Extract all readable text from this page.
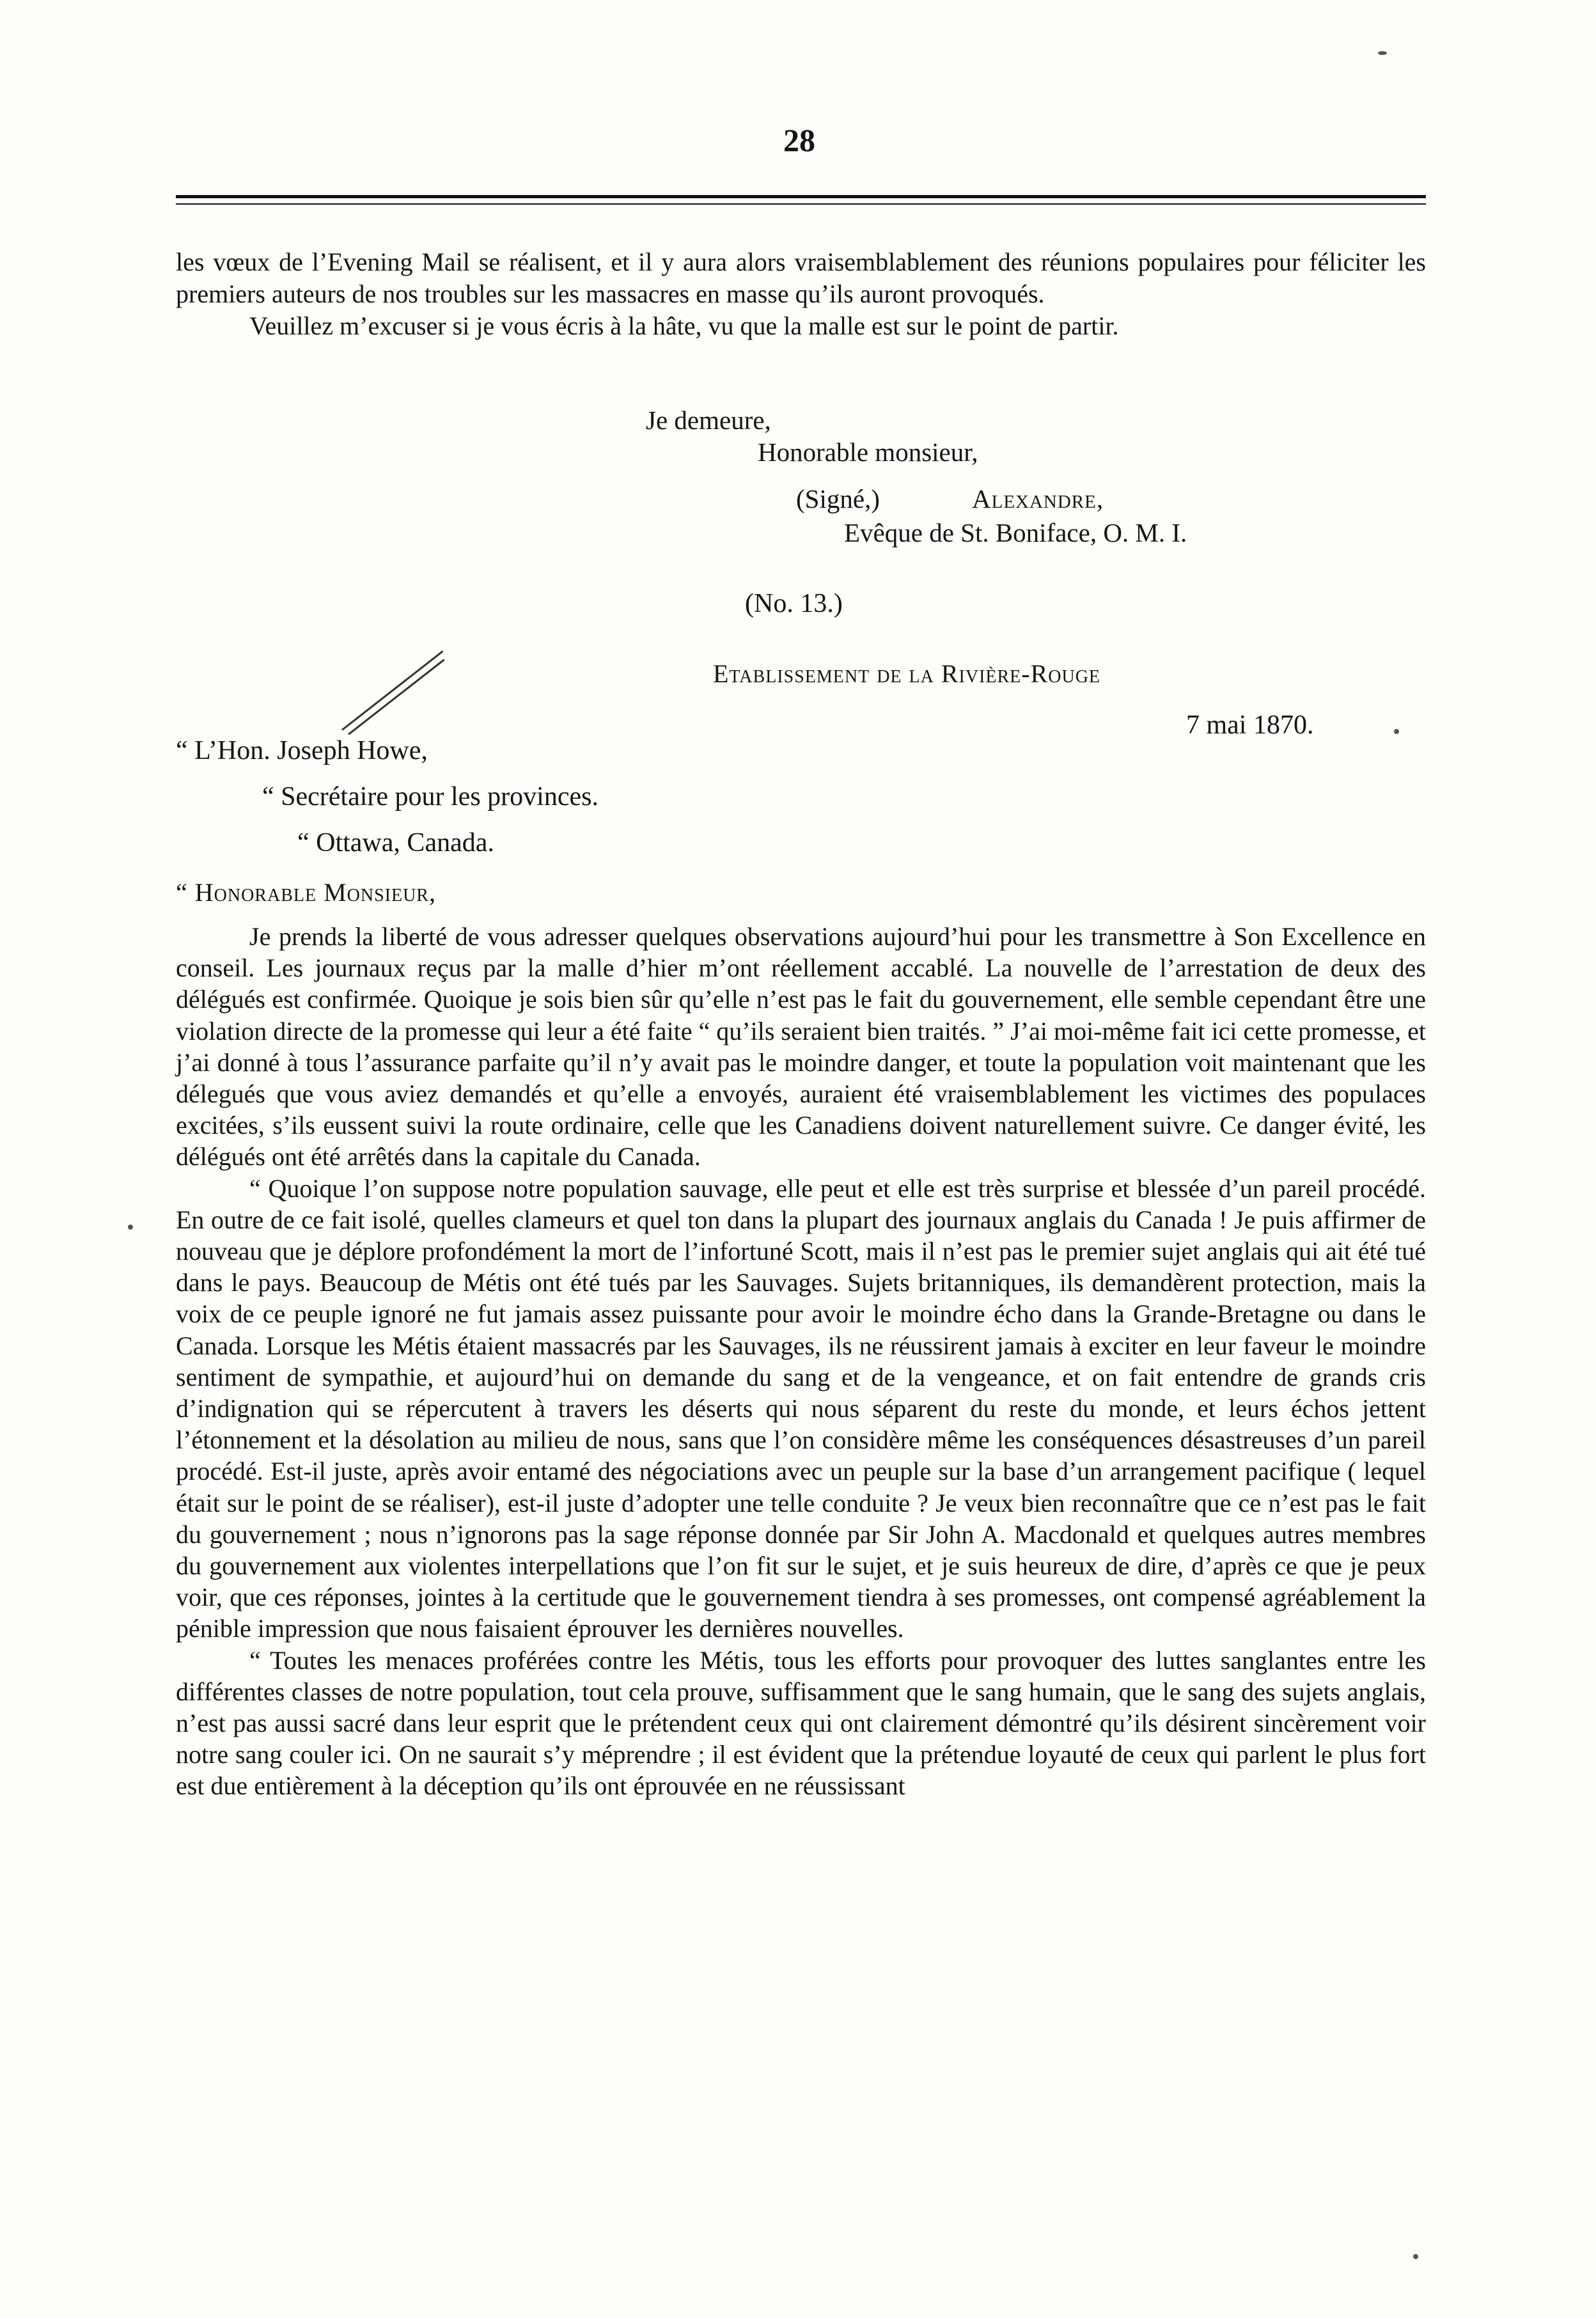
28

les vœux de l’Evening Mail se réalisent, et il y aura alors vraisemblablement des réunions populaires pour féliciter les premiers auteurs de nos troubles sur les massacres en masse qu’ils auront provoqués.

Veuillez m’excuser si je vous écris à la hâte, vu que la malle est sur le point de partir.

Je demeure,
Honorable monsieur,
(Signé,)	Alexandre,
Evêque de St. Boniface, O. M. I.
(No. 13.)
Etablissement de la Rivière-Rouge
7 mai 1870.
“ L’Hon. Joseph Howe,
“ Secrétaire pour les provinces.
“ Ottawa, Canada.
“ Honorable Monsieur,

Je prends la liberté de vous adresser quelques observations aujourd’hui pour les transmettre à Son Excellence en conseil. Les journaux reçus par la malle d’hier m’ont réellement accablé. La nouvelle de l’arrestation de deux des délégués est confirmée. Quoique je sois bien sûr qu’elle n’est pas le fait du gouvernement, elle semble cependant être une violation directe de la promesse qui leur a été faite “ qu’ils seraient bien traités. ” J’ai moi-même fait ici cette promesse, et j’ai donné à tous l’assurance parfaite qu’il n’y avait pas le moindre danger, et toute la population voit maintenant que les délegués que vous aviez demandés et qu’elle a envoyés, auraient été vraisemblablement les victimes des populaces excitées, s’ils eussent suivi la route ordinaire, celle que les Canadiens doivent naturellement suivre. Ce danger évité, les délégués ont été arrêtés dans la capitale du Canada.

“ Quoique l’on suppose notre population sauvage, elle peut et elle est très surprise et blessée d’un pareil procédé. En outre de ce fait isolé, quelles clameurs et quel ton dans la plupart des journaux anglais du Canada ! Je puis affirmer de nouveau que je déplore profondément la mort de l’infortuné Scott, mais il n’est pas le premier sujet anglais qui ait été tué dans le pays. Beaucoup de Métis ont été tués par les Sauvages. Sujets britanniques, ils demandèrent protection, mais la voix de ce peuple ignoré ne fut jamais assez puissante pour avoir le moindre écho dans la Grande-Bretagne ou dans le Canada. Lorsque les Métis étaient massacrés par les Sauvages, ils ne réussirent jamais à exciter en leur faveur le moindre sentiment de sympathie, et aujourd’hui on demande du sang et de la vengeance, et on fait entendre de grands cris d’indignation qui se répercutent à travers les déserts qui nous séparent du reste du monde, et leurs échos jettent l’étonnement et la désolation au milieu de nous, sans que l’on considère même les conséquences désastreuses d’un pareil procédé. Est-il juste, après avoir entamé des négociations avec un peuple sur la base d’un arrangement pacifique ( lequel était sur le point de se réaliser), est-il juste d’adopter une telle conduite ? Je veux bien reconnaître que ce n’est pas le fait du gouvernement ; nous n’ignorons pas la sage réponse donnée par Sir John A. Macdonald et quelques autres membres du gouvernement aux violentes interpellations que l’on fit sur le sujet, et je suis heureux de dire, d’après ce que je peux voir, que ces réponses, jointes à la certitude que le gouvernement tiendra à ses promesses, ont compensé agréablement la pénible impression que nous faisaient éprouver les dernières nouvelles.

“ Toutes les menaces proférées contre les Métis, tous les efforts pour provoquer des luttes sanglantes entre les différentes classes de notre population, tout cela prouve, suffisamment que le sang humain, que le sang des sujets anglais, n’est pas aussi sacré dans leur esprit que le prétendent ceux qui ont clairement démontré qu’ils désirent sincèrement voir notre sang couler ici. On ne saurait s’y méprendre ; il est évident que la prétendue loyauté de ceux qui parlent le plus fort est due entièrement à la déception qu’ils ont éprouvée en ne réussissant
